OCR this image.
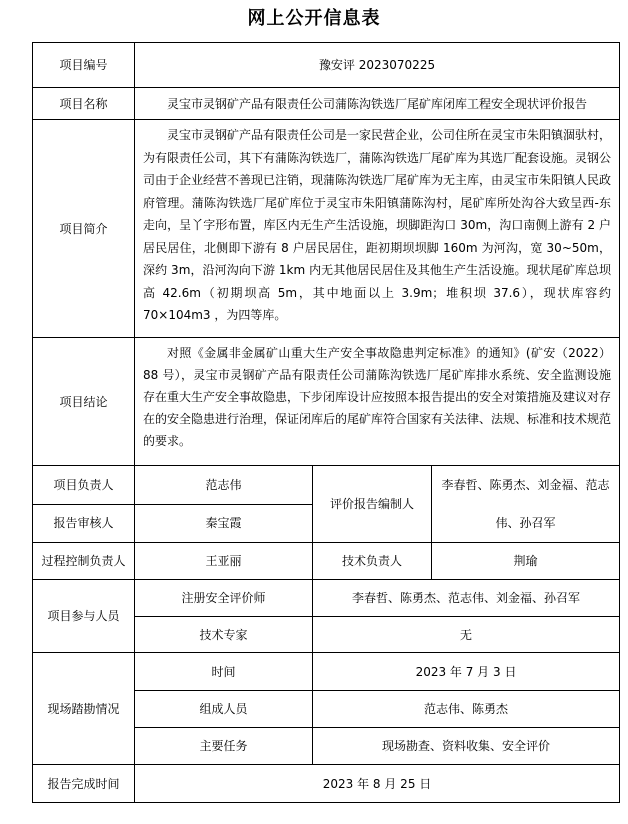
网上公开信息表
项目编号	豫安评 2023070225		
项目名称	灵宝市灵钢矿产品有限责任公司蒲陈沟铁选厂尾矿库闭库工程安全现状评价报告		
项目简介	灵宝市灵钢矿产品有限责任公司是一家民营企业，公司住所在灵宝市朱阳镇涸驮村，为有限责任公司，其下有蒲陈沟铁选厂，蒲陈沟铁选厂尾矿库为其选厂配套设施。灵钢公司由于企业经营不善现已注销，现蒲陈沟铁选厂尾矿库为无主库，由灵宝市朱阳镇人民政府管理。蒲陈沟铁选厂尾矿库位于灵宝市朱阳镇蒲陈沟村，尾矿库所处沟谷大致呈西-东走向，呈丫字形布置，库区内无生产生活设施，坝脚距沟口 30m，沟口南侧上游有 2 户居民居住，北侧即下游有 8 户居民居住，距初期坝坝脚 160m 为河沟，宽 30~50m，深约 3m，沿河沟向下游 1km 内无其他居民居住及其他生产生活设施。现状尾矿库总坝高 42.6m（初期坝高 5m，其中地面以上 3.9m；堆积坝 37.6），现状库容约 70×104m3 ，为四等库。		
项目结论	对照《金属非金属矿山重大生产安全事故隐患判定标准》的通知》(矿安（2022）88 号），灵宝市灵钢矿产品有限责任公司蒲陈沟铁选厂尾矿库排水系统、安全监测设施存在重大生产安全事故隐患，下步闭库设计应按照本报告提出的安全对策措施及建议对存在的安全隐患进行治理，保证闭库后的尾矿库符合国家有关法律、法规、标准和技术规范的要求。		
项目负责人	范志伟	评价报告编制人	李春哲、陈勇杰、刘金福、范志伟、孙召军
报告审核人	秦宝霞		
过程控制负责人	王亚丽	技术负责人	荆瑜
项目参与人员	注册安全评价师	李春哲、陈勇杰、范志伟、刘金福、孙召军	
	技术专家	无	
现场踏勘情况	时间	2023 年 7 月 3 日	
	组成人员	范志伟、陈勇杰	
	主要任务	现场勘查、资料收集、安全评价	
报告完成时间	2023 年 8 月 25 日		
